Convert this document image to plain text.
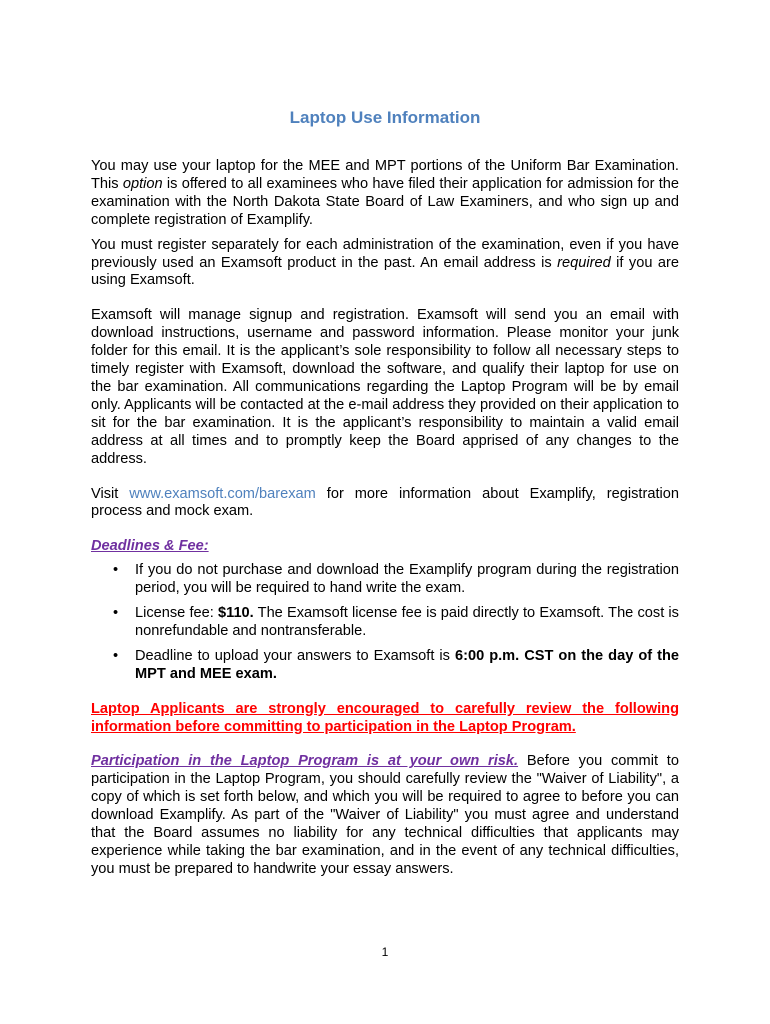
Laptop Use Information

You may use your laptop for the MEE and MPT portions of the Uniform Bar Examination. This option is offered to all examinees who have filed their application for admission for the examination with the North Dakota State Board of Law Examiners, and who sign up and complete registration of Examplify.

You must register separately for each administration of the examination, even if you have previously used an Examsoft product in the past. An email address is required if you are using Examsoft.

Examsoft will manage signup and registration. Examsoft will send you an email with download instructions, username and password information. Please monitor your junk folder for this email. It is the applicant’s sole responsibility to follow all necessary steps to timely register with Examsoft, download the software, and qualify their laptop for use on the bar examination. All communications regarding the Laptop Program will be by email only. Applicants will be contacted at the e-mail address they provided on their application to sit for the bar examination. It is the applicant’s responsibility to maintain a valid email address at all times and to promptly keep the Board apprised of any changes to the address.

Visit www.examsoft.com/barexam for more information about Examplify, registration process and mock exam.

Deadlines & Fee:

• If you do not purchase and download the Examplify program during the registration period, you will be required to hand write the exam.
• License fee: $110. The Examsoft license fee is paid directly to Examsoft. The cost is nonrefundable and nontransferable.
• Deadline to upload your answers to Examsoft is 6:00 p.m. CST on the day of the MPT and MEE exam.

Laptop Applicants are strongly encouraged to carefully review the following information before committing to participation in the Laptop Program.

Participation in the Laptop Program is at your own risk. Before you commit to participation in the Laptop Program, you should carefully review the "Waiver of Liability", a copy of which is set forth below, and which you will be required to agree to before you can download Examplify. As part of the "Waiver of Liability" you must agree and understand that the Board assumes no liability for any technical difficulties that applicants may experience while taking the bar examination, and in the event of any technical difficulties, you must be prepared to handwrite your essay answers.

1
